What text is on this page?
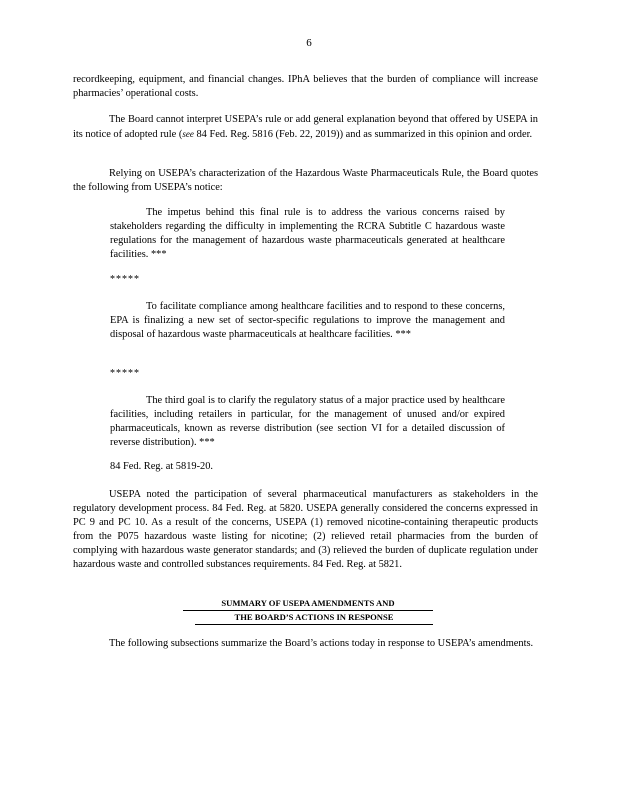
6

recordkeeping, equipment, and financial changes. IPhA believes that the burden of compliance will increase pharmacies’ operational costs.

The Board cannot interpret USEPA’s rule or add general explanation beyond that offered by USEPA in its notice of adopted rule (see 84 Fed. Reg. 5816 (Feb. 22, 2019)) and as summarized in this opinion and order.

Relying on USEPA’s characterization of the Hazardous Waste Pharmaceuticals Rule, the Board quotes the following from USEPA’s notice:

The impetus behind this final rule is to address the various concerns raised by stakeholders regarding the difficulty in implementing the RCRA Subtitle C hazardous waste regulations for the management of hazardous waste pharmaceuticals generated at healthcare facilities. ***

*****

To facilitate compliance among healthcare facilities and to respond to these concerns, EPA is finalizing a new set of sector-specific regulations to improve the management and disposal of hazardous waste pharmaceuticals at healthcare facilities. ***

*****

The third goal is to clarify the regulatory status of a major practice used by healthcare facilities, including retailers in particular, for the management of unused and/or expired pharmaceuticals, known as reverse distribution (see section VI for a detailed discussion of reverse distribution). ***

84 Fed. Reg. at 5819-20.

USEPA noted the participation of several pharmaceutical manufacturers as stakeholders in the regulatory development process. 84 Fed. Reg. at 5820. USEPA generally considered the concerns expressed in PC 9 and PC 10. As a result of the concerns, USEPA (1) removed nicotine-containing therapeutic products from the P075 hazardous waste listing for nicotine; (2) relieved retail pharmacies from the burden of complying with hazardous waste generator standards; and (3) relieved the burden of duplicate regulation under hazardous waste and controlled substances requirements. 84 Fed. Reg. at 5821.

SUMMARY OF USEPA AMENDMENTS AND
THE BOARD’S ACTIONS IN RESPONSE

The following subsections summarize the Board’s actions today in response to USEPA’s amendments.
